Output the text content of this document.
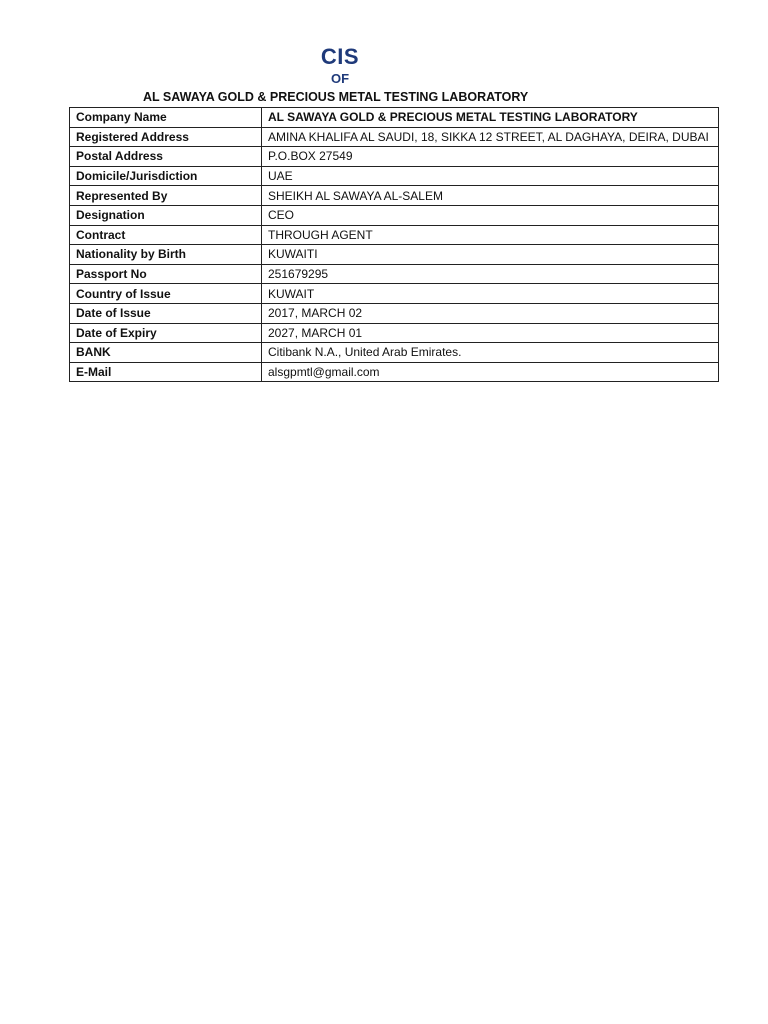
CIS
OF
AL SAWAYA GOLD & PRECIOUS METAL TESTING LABORATORY
Company Name	AL SAWAYA GOLD & PRECIOUS METAL TESTING LABORATORY
Registered Address	AMINA KHALIFA AL SAUDI, 18, SIKKA 12 STREET, AL DAGHAYA, DEIRA, DUBAI
Postal Address	P.O.BOX 27549
Domicile/Jurisdiction	UAE
Represented By	SHEIKH AL SAWAYA AL-SALEM
Designation	CEO
Contract	THROUGH AGENT
Nationality by Birth	KUWAITI
Passport No	251679295
Country of Issue	KUWAIT
Date of Issue	2017, MARCH 02
Date of Expiry	2027, MARCH 01
BANK	Citibank N.A., United Arab Emirates.
E-Mail	alsgpmtl@gmail.com
